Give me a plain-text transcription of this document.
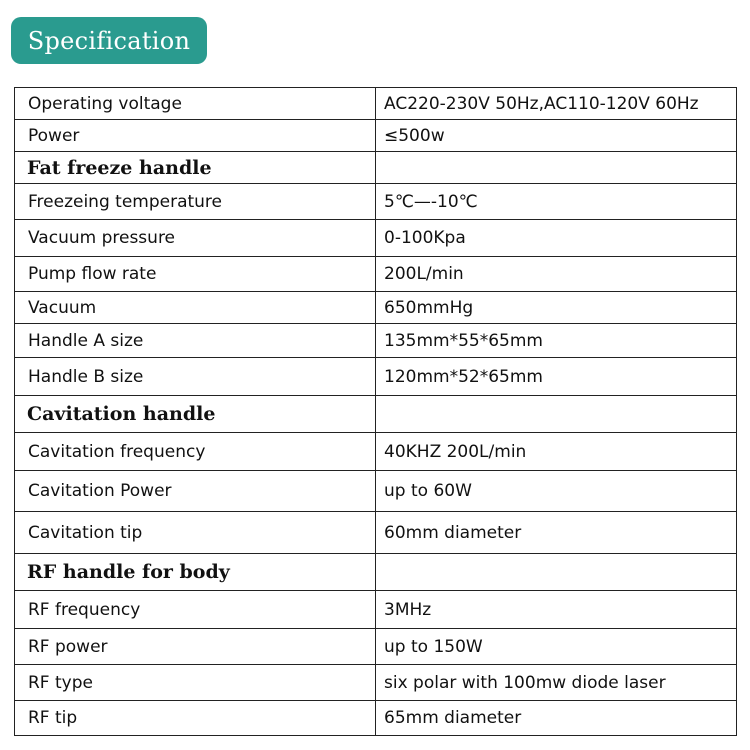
Specification
Operating voltage	AC220-230V 50Hz,AC110-120V 60Hz
Power	≤500w
Fat freeze handle	
Freezeing temperature	5℃—-10℃
Vacuum pressure	0-100Kpa
Pump flow rate	200L/min
Vacuum	650mmHg
Handle A size	135mm*55*65mm
Handle B size	120mm*52*65mm
Cavitation handle	
Cavitation frequency	40KHZ 200L/min
Cavitation Power	up to 60W
Cavitation tip	60mm diameter
RF handle for body	
RF frequency	3MHz
RF power	up to 150W
RF type	six polar with 100mw diode laser
RF tip	65mm diameter
